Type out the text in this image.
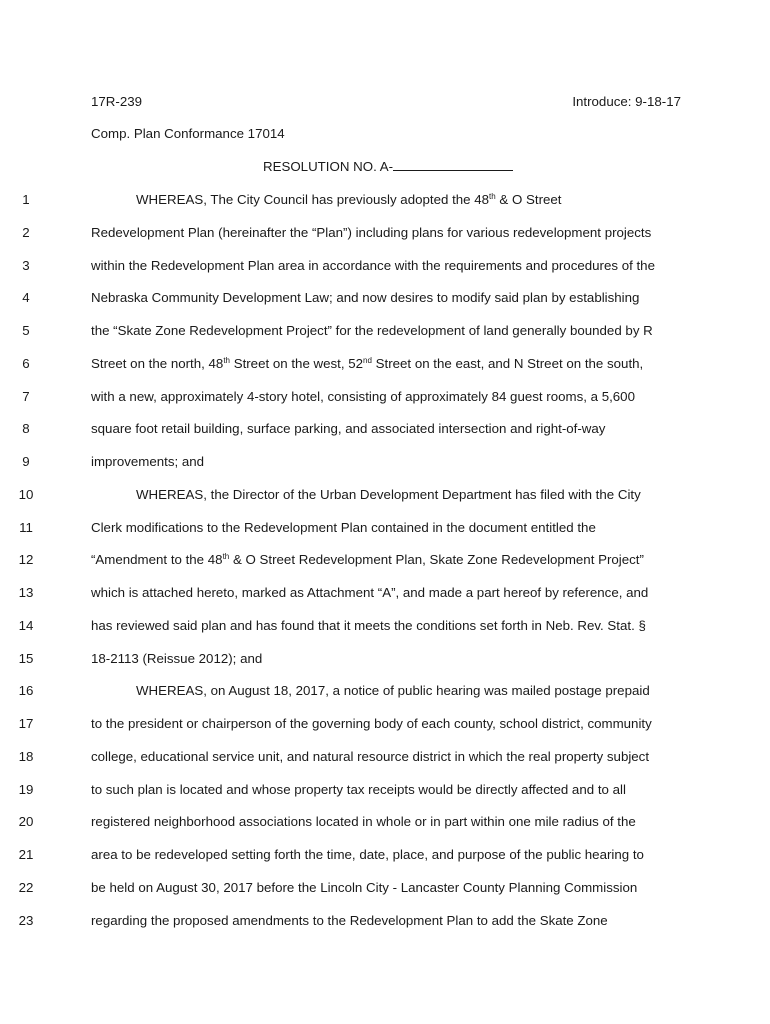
17R-239	Introduce: 9-18-17
Comp. Plan Conformance 17014
RESOLUTION NO. A-
1	WHEREAS, The City Council has previously adopted the 48th & O Street
2	Redevelopment Plan (hereinafter the “Plan”) including plans for various redevelopment projects
3	within the Redevelopment Plan area in accordance with the requirements and procedures of the
4	Nebraska Community Development Law; and now desires to modify said plan by establishing
5	the “Skate Zone Redevelopment Project” for the redevelopment of land generally bounded by R
6	Street on the north, 48th Street on the west, 52nd Street on the east, and N Street on the south,
7	with a new, approximately 4-story hotel, consisting of approximately 84 guest rooms, a 5,600
8	square foot retail building, surface parking, and associated intersection and right-of-way
9	improvements; and
10	WHEREAS, the Director of the Urban Development Department has filed with the City
11	Clerk modifications to the Redevelopment Plan contained in the document entitled the
12	“Amendment to the 48th & O Street Redevelopment Plan, Skate Zone Redevelopment Project”
13	which is attached hereto, marked as Attachment “A”, and made a part hereof by reference, and
14	has reviewed said plan and has found that it meets the conditions set forth in Neb. Rev. Stat. §
15	18-2113 (Reissue 2012); and
16	WHEREAS, on August 18, 2017, a notice of public hearing was mailed postage prepaid
17	to the president or chairperson of the governing body of each county, school district, community
18	college, educational service unit, and natural resource district in which the real property subject
19	to such plan is located and whose property tax receipts would be directly affected and to all
20	registered neighborhood associations located in whole or in part within one mile radius of the
21	area to be redeveloped setting forth the time, date, place, and purpose of the public hearing to
22	be held on August 30, 2017 before the Lincoln City - Lancaster County Planning Commission
23	regarding the proposed amendments to the Redevelopment Plan to add the Skate Zone
